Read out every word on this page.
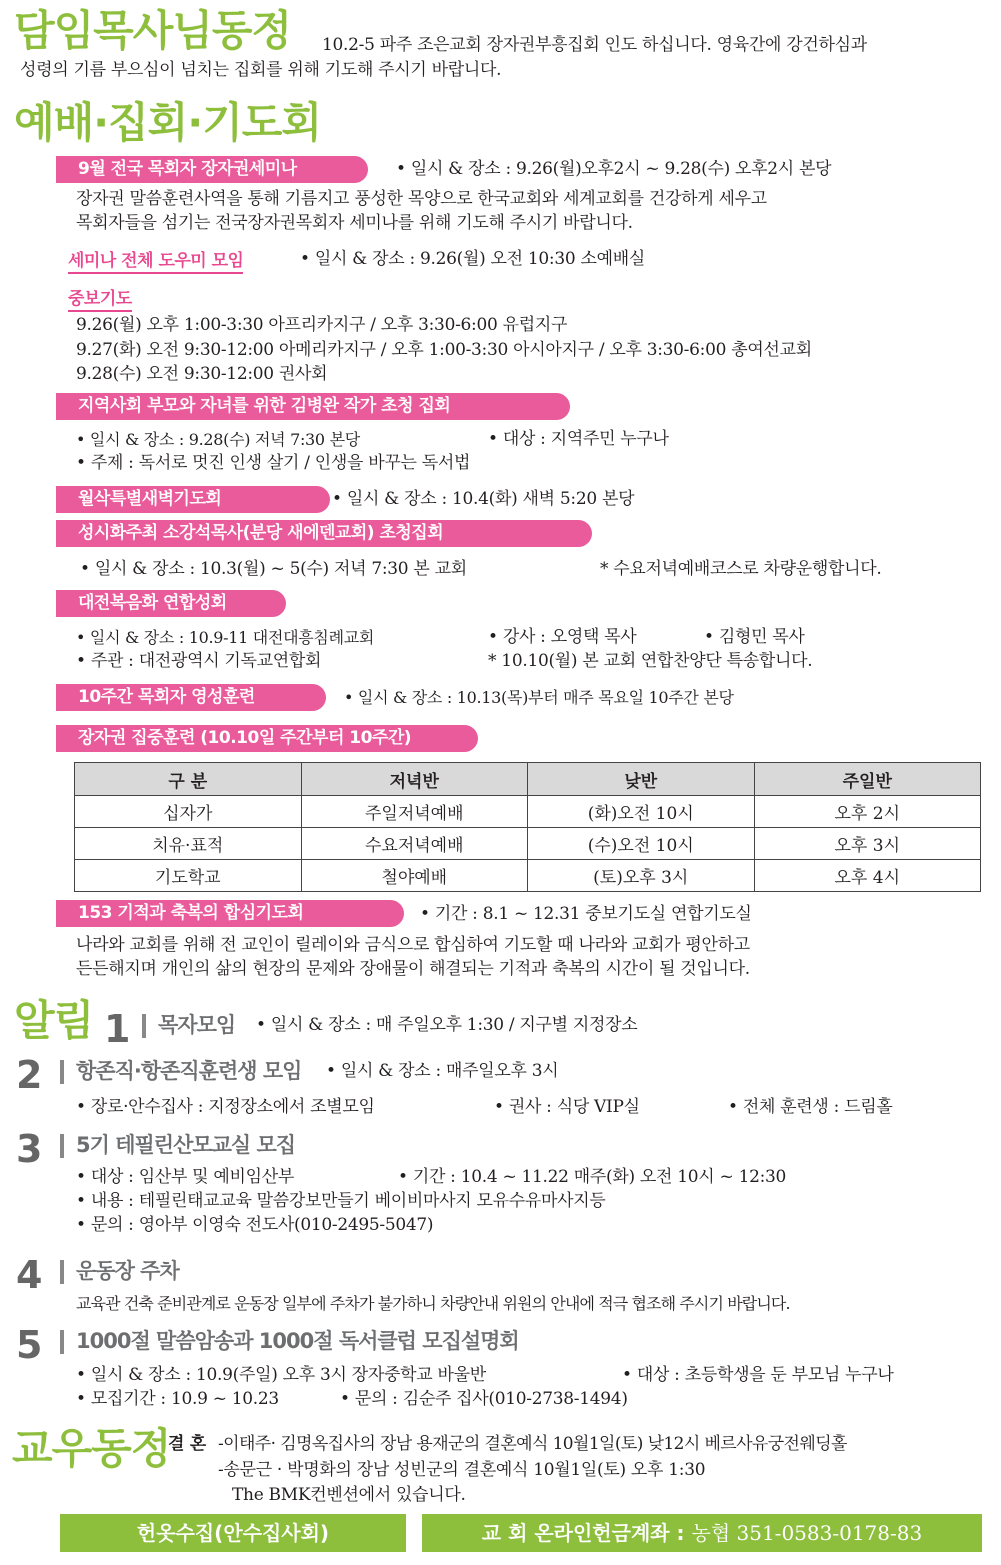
담임목사님동정 10.2-5 파주 조은교회 장자권부흥집회 인도 하십니다. 영육간에 강건하심과
성령의 기름 부으심이 넘치는 집회를 위해 기도해 주시기 바랍니다.
예배·집회·기도회
9월 전국 목회자 장자권세미나	• 일시 & 장소 : 9.26(월)오후2시 ~ 9.28(수) 오후2시 본당
장자권 말씀훈련사역을 통해 기름지고 풍성한 목양으로 한국교회와 세계교회를 건강하게 세우고
목회자들을 섬기는 전국장자권목회자 세미나를 위해 기도해 주시기 바랍니다.
세미나 전체 도우미 모임	• 일시 & 장소 : 9.26(월) 오전 10:30 소예배실
중보기도
9.26(월) 오후 1:00-3:30 아프리카지구 / 오후 3:30-6:00 유럽지구
9.27(화) 오전 9:30-12:00 아메리카지구 / 오후 1:00-3:30 아시아지구 / 오후 3:30-6:00 총여선교회
9.28(수) 오전 9:30-12:00 권사회
지역사회 부모와 자녀를 위한 김병완 작가 초청 집회
• 일시 & 장소 : 9.28(수) 저녁 7:30 본당	• 대상 : 지역주민 누구나
• 주제 : 독서로 멋진 인생 살기 / 인생을 바꾸는 독서법
월삭특별새벽기도회	• 일시 & 장소 : 10.4(화) 새벽 5:20 본당
성시화주최 소강석목사(분당 새에덴교회) 초청집회
• 일시 & 장소 : 10.3(월) ~ 5(수) 저녁 7:30 본 교회	* 수요저녁예배코스로 차량운행합니다.
대전복음화 연합성회
• 일시 & 장소 : 10.9-11 대전대흥침례교회	• 강사 : 오영택 목사	• 김형민 목사
• 주관 : 대전광역시 기독교연합회	* 10.10(월) 본 교회 연합찬양단 특송합니다.
10주간 목회자 영성훈련	• 일시 & 장소 : 10.13(목)부터 매주 목요일 10주간 본당
장자권 집중훈련 (10.10일 주간부터 10주간)
구 분	저녁반	낮반	주일반
십자가	주일저녁예배	(화)오전 10시	오후 2시
치유·표적	수요저녁예배	(수)오전 10시	오후 3시
기도학교	철야예배	(토)오후 3시	오후 4시
153 기적과 축복의 합심기도회	• 기간 : 8.1 ~ 12.31 중보기도실 연합기도실
나라와 교회를 위해 전 교인이 릴레이와 금식으로 합심하여 기도할 때 나라와 교회가 평안하고
든든해지며 개인의 삶의 현장의 문제와 장애물이 해결되는 기적과 축복의 시간이 될 것입니다.
알림 1 목자모임 • 일시 & 장소 : 매 주일오후 1:30 / 지구별 지정장소
2 항존직·항존직훈련생 모임 • 일시 & 장소 : 매주일오후 3시
• 장로·안수집사 : 지정장소에서 조별모임	• 권사 : 식당 VIP실	• 전체 훈련생 : 드림홀
3 5기 테필린산모교실 모집
• 대상 : 임산부 및 예비임산부	• 기간 : 10.4 ~ 11.22 매주(화) 오전 10시 ~ 12:30
• 내용 : 테필린태교교육 말씀강보만들기 베이비마사지 모유수유마사지등
• 문의 : 영아부 이영숙 전도사(010-2495-5047)
4 운동장 주차
교육관 건축 준비관계로 운동장 일부에 주차가 불가하니 차량안내 위원의 안내에 적극 협조해 주시기 바랍니다.
5 1000절 말씀암송과 1000절 독서클럽 모집설명회
• 일시 & 장소 : 10.9(주일) 오후 3시 장자중학교 바울반	• 대상 : 초등학생을 둔 부모님 누구나
• 모집기간 : 10.9 ~ 10.23	• 문의 : 김순주 집사(010-2738-1494)
교우동정
결 혼 -이태주· 김명옥집사의 장남 용재군의 결혼예식 10월1일(토) 낮12시 베르사유궁전웨딩홀
-송문근 · 박명화의 장남 성빈군의 결혼예식 10월1일(토) 오후 1:30
The BMK컨벤션에서 있습니다.
헌옷수집(안수집사회)	교 회 온라인헌금계좌 : 농협 351-0583-0178-83
